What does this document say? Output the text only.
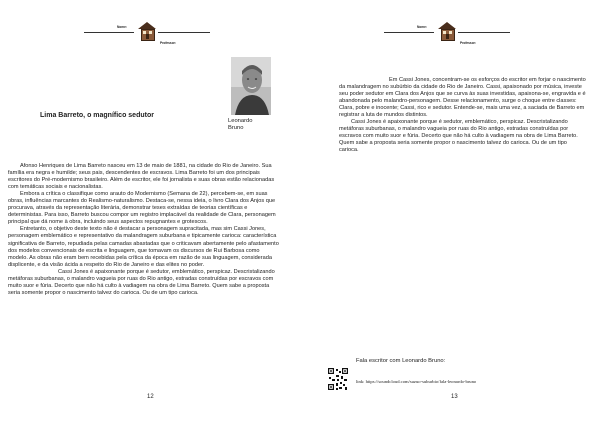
Nome:
Professor:
Lima Barreto, o magnífico sedutor
Leonardo Bruno

Afonso Henriques de Lima Barreto nasceu em 13 de maio de 1881, na cidade do Rio de Janeiro. Sua família era negra e humilde; seus pais, descendentes de escravos. Lima Barreto foi um dos principais escritores do Pré-modernismo brasileiro. Além de escritor, ele foi jornalista e suas obras estão relacionadas com temáticas sociais e nacionalistas.

Embora a crítica o classifique como arauto do Modernismo (Semana de 22), percebem-se, em suas obras, influências marcantes do Realismo-naturalismo. Destaca-se, nessa ideia, o livro Clara dos Anjos que procurava, através da representação literária, demonstrar teses extraídas de teorias científicas e deterministas. Para isso, Barreto buscou compor um registro implacável da realidade de Clara, personagem principal que dá nome à obra, incluindo seus aspectos repugnantes e grotescos.

Entretanto, o objetivo deste texto não é destacar a personagem supracitada, mas sim Cassi Jones, personagem emblemático e representativo da malandragem suburbana e tipicamente carioca: característica significativa de Barreto, repudiada pelas camadas abastadas que o criticavam abertamente pelo afastamento dos modelos convencionais de escrita e linguagem, que tomavam os discursos de Rui Barbosa como modelo. As obras não eram bem recebidas pela crítica da época em razão de sua linguagem, considerada displicente, e da visão ácida a respeito do Rio de Janeiro e das elites no poder.

Cassi Jones é apaixonante porque é sedutor, emblemático, perspicaz. Descristalizando metáforas suburbanas, o malandro vagueia por ruas do Rio antigo, estradas construídas por escravos com muito suor e fúria. Decerto que não há culto à vadiagem na obra de Lima Barreto. Quem sabe a proposta seria somente propor o nascimento talvez do carioca. Ou de um tipo carioca.

12
Nome:
Professor:

Em Cassi Jones, concentram-se os esforços do escritor em forjar o nascimento da malandragem no subúrbio da cidade do Rio de Janeiro. Cassi, apaixonado por música, investe seu poder sedutor em Clara dos Anjos que se curva às suas investidas, apaixona-se, engravida e é abandonada pelo malandro-personagem. Desse relacionamento, surge o choque entre classes: Clara, pobre e inocente; Cassi, rico e sedutor. Entende-se, mais uma vez, a saciada de Barreto em registrar a luta de mundos distintos.

Cassi Jones é apaixonante porque é sedutor, emblemático, perspicaz. Descristalizando metáforas suburbanas, o malandro vagueia por ruas do Rio antigo, estradas construídas por escravos com muito suor e fúria. Decerto que não há culto à vadiagem na obra de Lima Barreto. Quem sabe a proposta seria somente propor o nascimento talvez do carioca. Ou de um tipo carioca.

13
Fala escritor com Leonardo Bruno:
link: https://soundcloud.com/suzuo-suburbio/fala-leonardo-bruno
